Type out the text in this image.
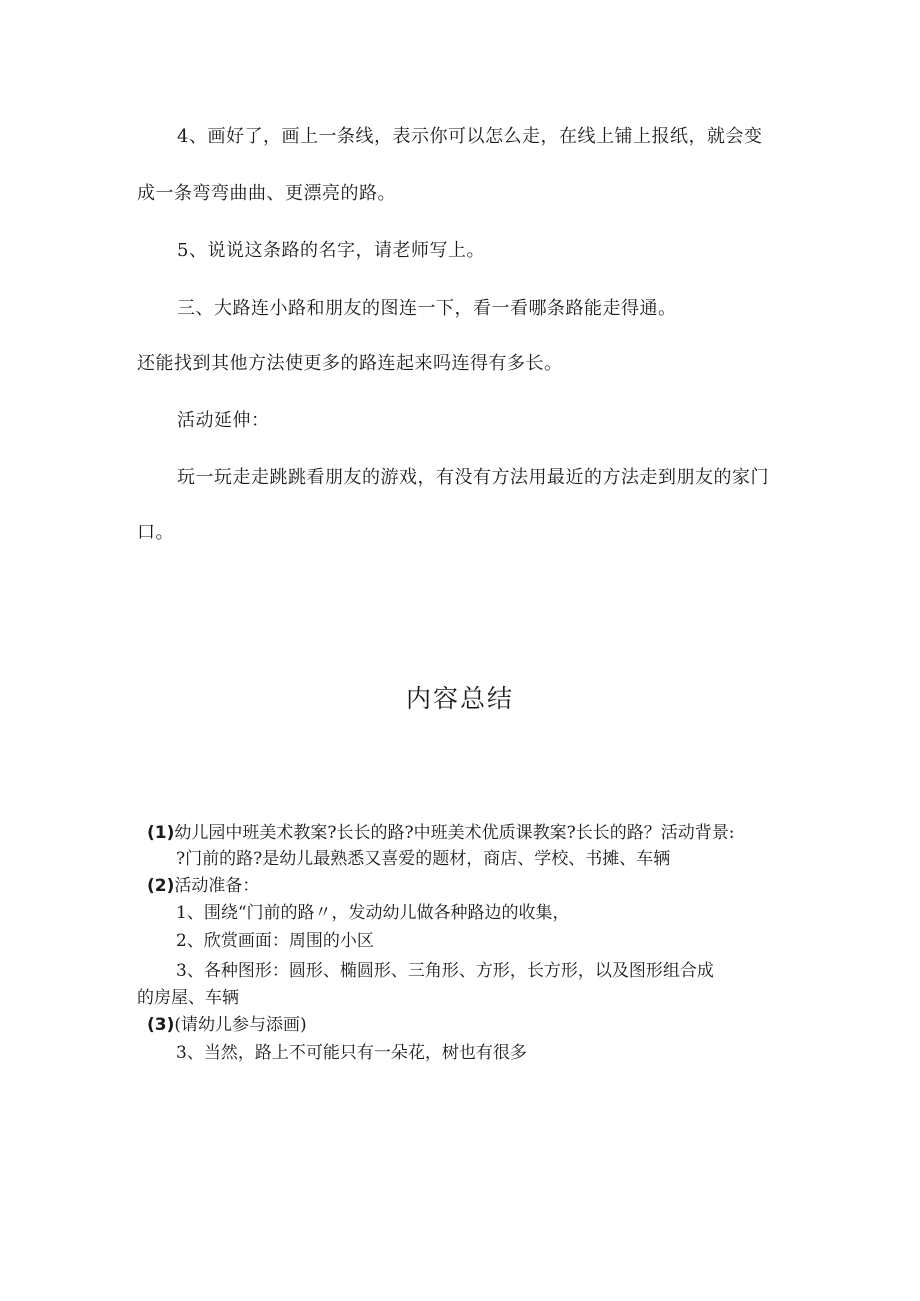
4、画好了，画上一条线，表示你可以怎么走，在线上铺上报纸，就会变
成一条弯弯曲曲、更漂亮的路。
5、说说这条路的名字，请老师写上。
三、大路连小路和朋友的图连一下，看一看哪条路能走得通。
还能找到其他方法使更多的路连起来吗连得有多长。
活动延伸：
玩一玩走走跳跳看朋友的游戏，有没有方法用最近的方法走到朋友的家门
口。
内容总结
(1)幼儿园中班美术教案?长长的路?中班美术优质课教案?长长的路？活动背景:
?门前的路?是幼儿最熟悉又喜爱的题材，商店、学校、书摊、车辆
(2)活动准备：
1、围绕“门前的路〃，发动幼儿做各种路边的收集，
2、欣赏画面：周围的小区
3、各种图形：圆形、椭圆形、三角形、方形，长方形，以及图形组合成
的房屋、车辆
(3)(请幼儿参与添画)
3、当然，路上不可能只有一朵花，树也有很多
